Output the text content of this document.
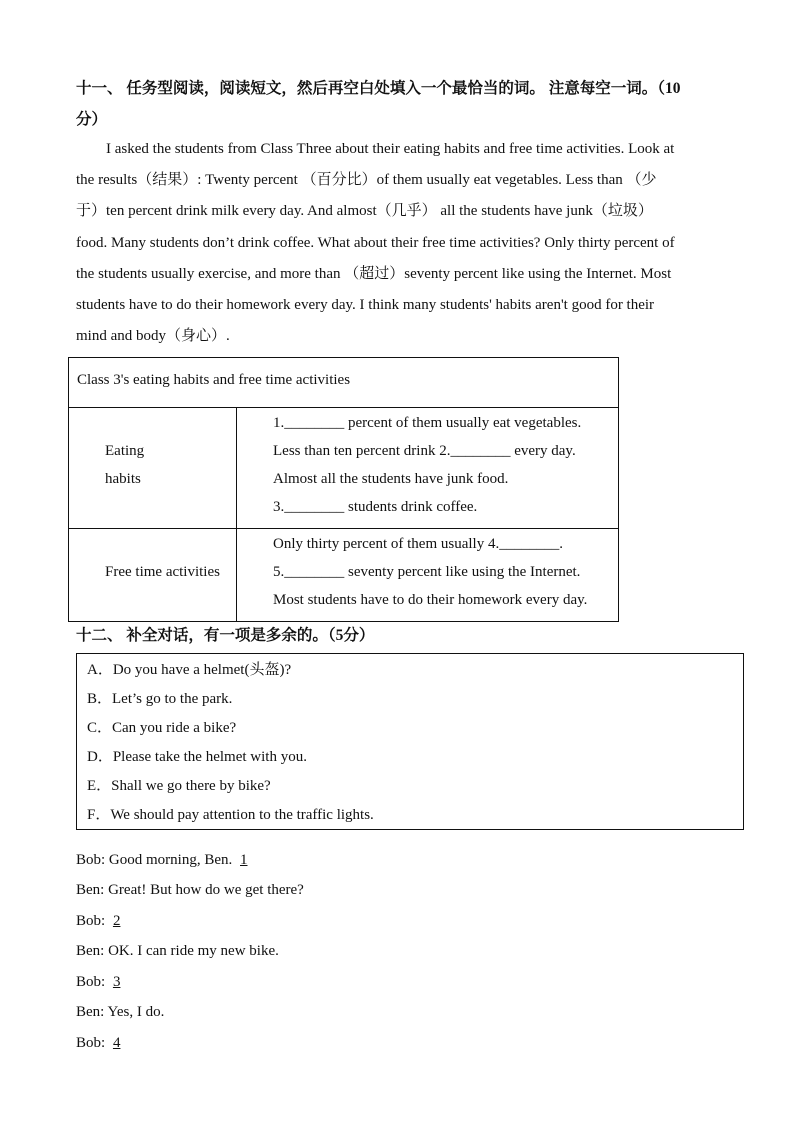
十一、 任务型阅读，阅读短文，然后再空白处填入一个最恰当的词。 注意每空一词。（10
分）
I asked the students from Class Three about their eating habits and free time activities. Look at
the results（结果）: Twenty percent （百分比）of them usually eat vegetables. Less than （少
于）ten percent drink milk every day. And almost（几乎） all the students have junk（垃圾）
food. Many students don’t drink coffee. What about their free time activities? Only thirty percent of
the students usually exercise, and more than （超过）seventy percent like using the Internet. Most
students have to do their homework every day. I think many students' habits aren't good for their
mind and body（身心）.
Class 3's eating habits and free time activities
Eating
habits
1.________ percent of them usually eat vegetables.
Less than ten percent drink 2.________ every day.
Almost all the students have junk food.
3.________ students drink coffee.
Free time activities
Only thirty percent of them usually 4.________.
5.________ seventy percent like using the Internet.
Most students have to do their homework every day.
十二、 补全对话，有一项是多余的。（5分）
A．Do you have a helmet(头盔)?
B．Let’s go to the park.
C．Can you ride a bike?
D．Please take the helmet with you.
E．Shall we go there by bike?
F．We should pay attention to the traffic lights.
Bob: Good morning, Ben. 1
Ben: Great! But how do we get there?
Bob: 2
Ben: OK. I can ride my new bike.
Bob: 3
Ben: Yes, I do.
Bob: 4
